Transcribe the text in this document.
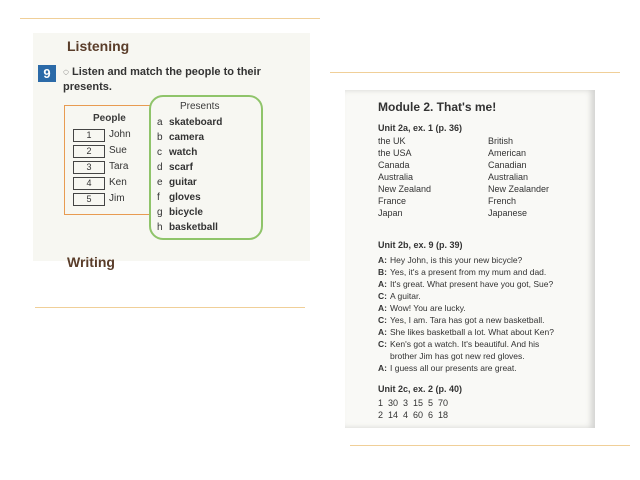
Listening
9	◌ Listen and match the people to their
presents.
People
Presents
1	John
2	Sue
3	Tara
4	Ken
5	Jim
a skateboard
b camera
c watch
d scarf
e guitar
f gloves
g bicycle
h basketball
Writing
Module 2. That's me!
Unit 2a, ex. 1 (p. 36)
the UK	British
the USA	American
Canada	Canadian
Australia	Australian
New Zealand	New Zealander
France	French
Japan	Japanese
Unit 2b, ex. 9 (p. 39)
A: Hey John, is this your new bicycle?
B: Yes, it's a present from my mum and dad.
A: It's great. What present have you got, Sue?
C: A guitar.
A: Wow! You are lucky.
C: Yes, I am. Tara has got a new basketball.
A: She likes basketball a lot. What about Ken?
C: Ken's got a watch. It's beautiful. And his
brother Jim has got new red gloves.
A: I guess all our presents are great.
Unit 2c, ex. 2 (p. 40)
1  30  3  15  5  70
2  14  4  60  6  18
